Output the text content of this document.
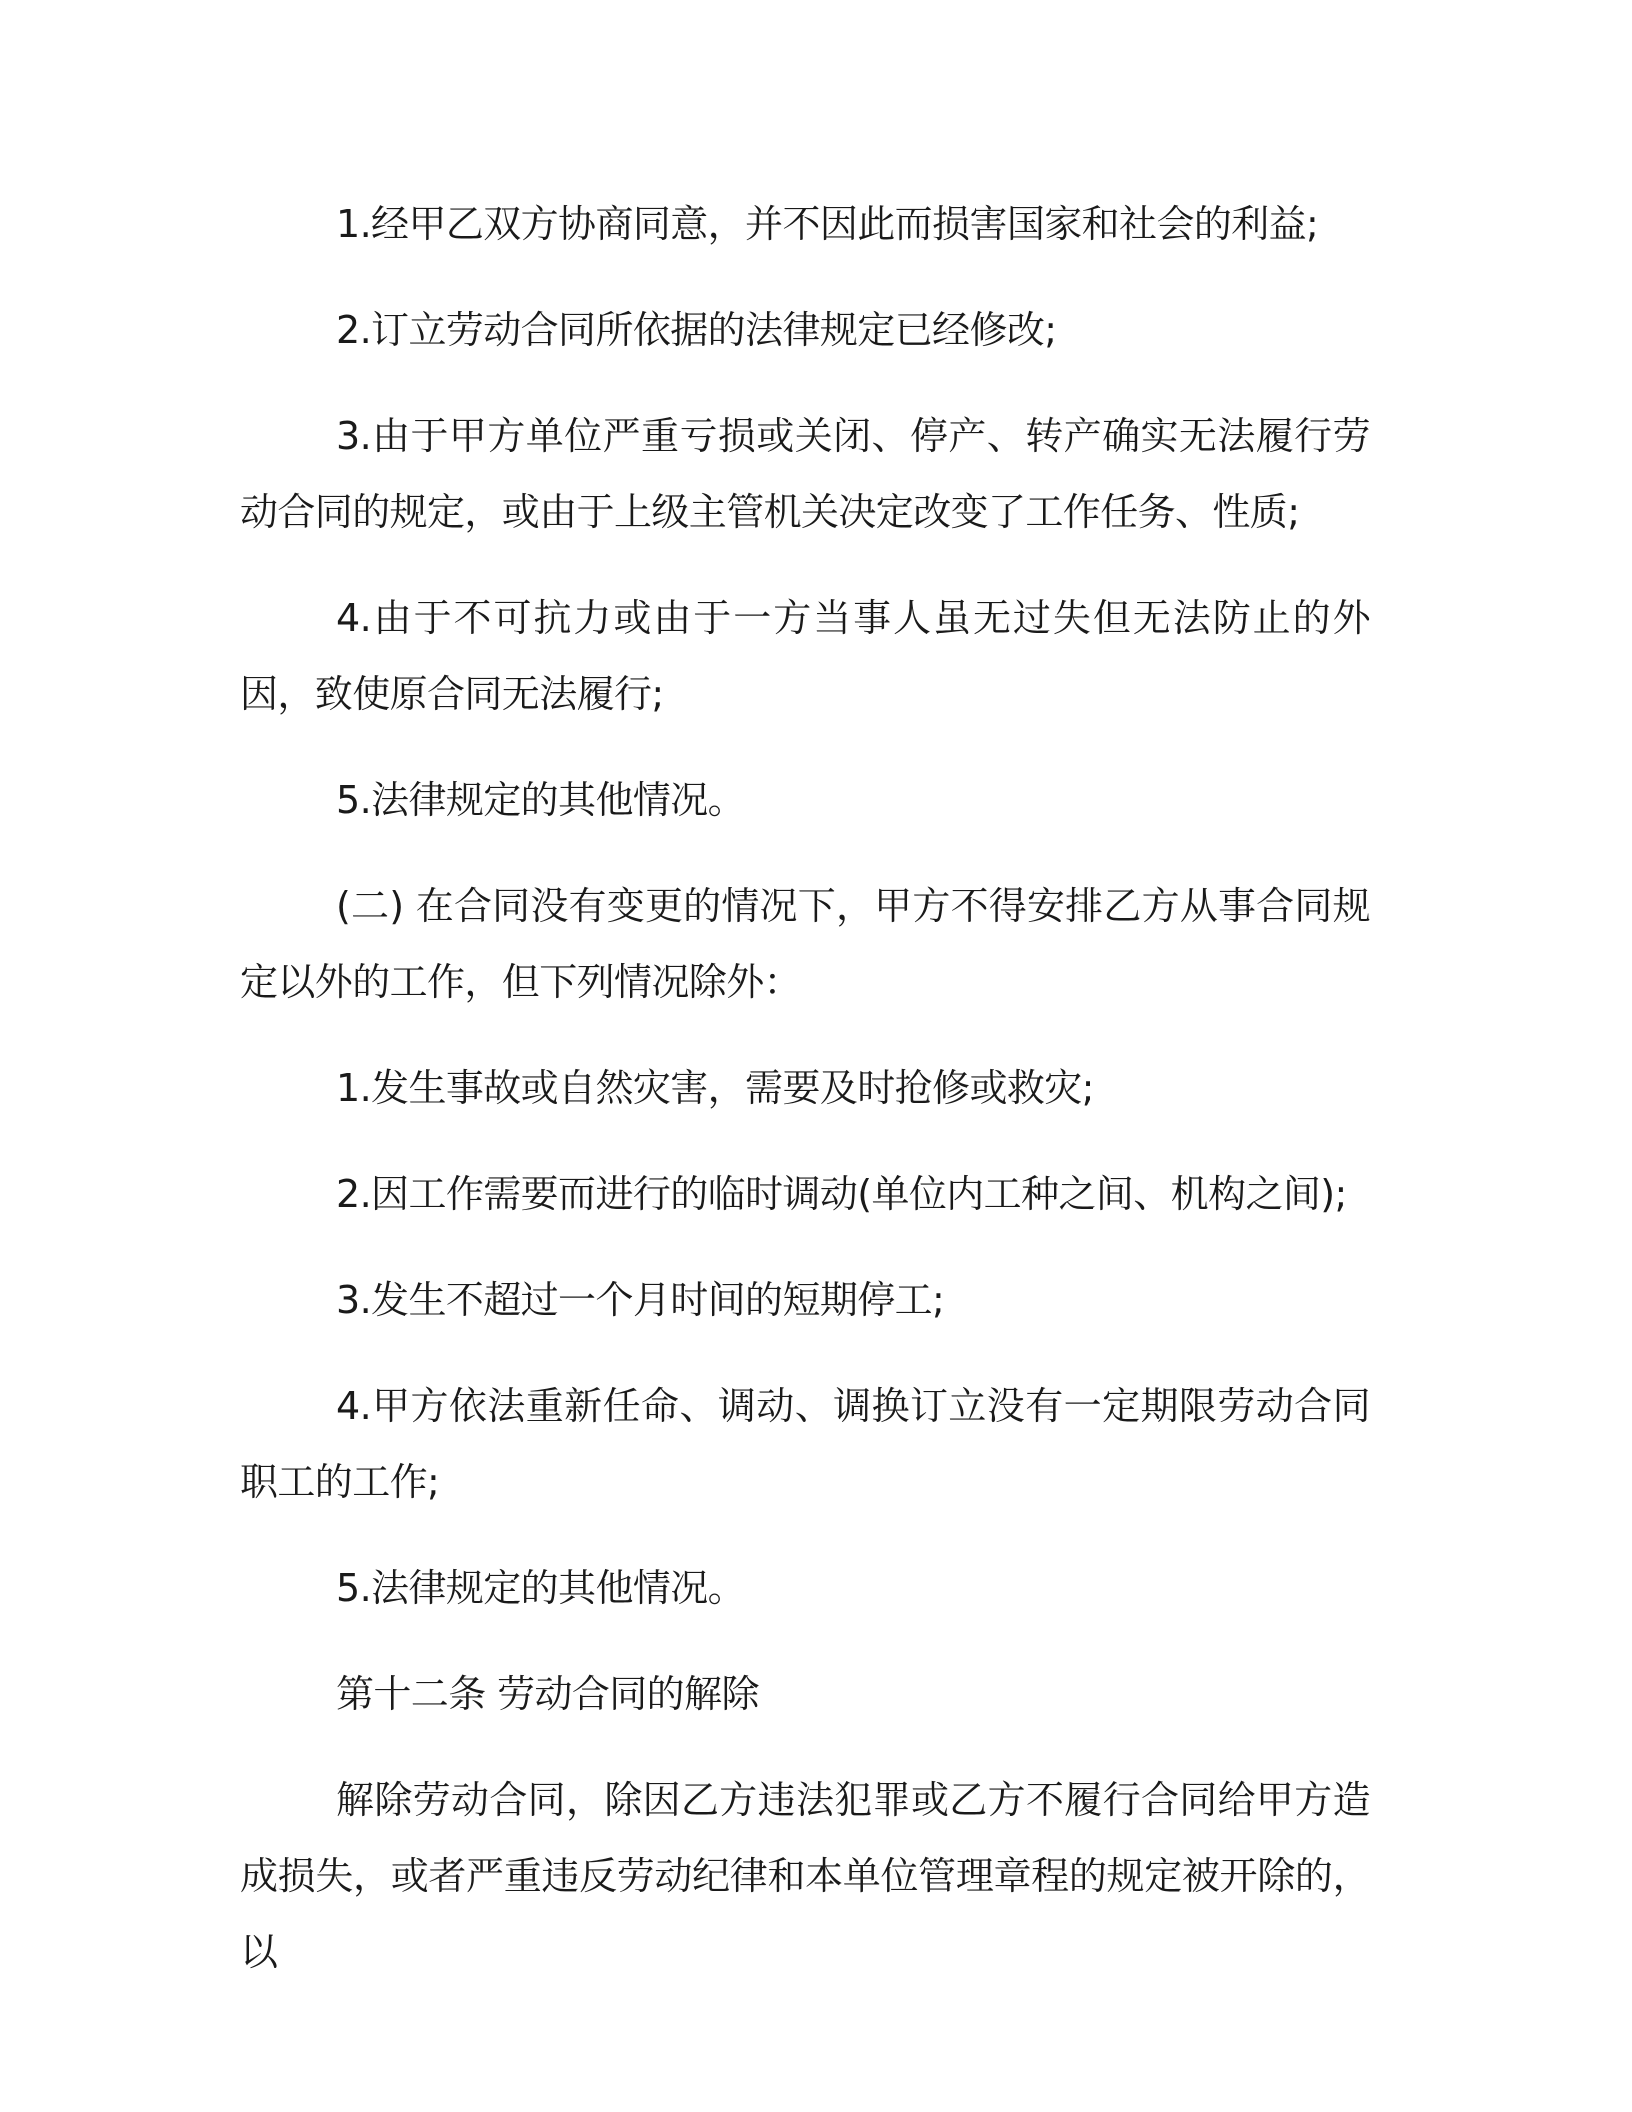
1.经甲乙双方协商同意，并不因此而损害国家和社会的利益;

2.订立劳动合同所依据的法律规定已经修改;

3.由于甲方单位严重亏损或关闭、停产、转产确实无法履行劳动合同的规定，或由于上级主管机关决定改变了工作任务、性质;

4.由于不可抗力或由于一方当事人虽无过失但无法防止的外因，致使原合同无法履行;

5.法律规定的其他情况。

(二) 在合同没有变更的情况下，甲方不得安排乙方从事合同规定以外的工作，但下列情况除外：

1.发生事故或自然灾害，需要及时抢修或救灾;

2.因工作需要而进行的临时调动(单位内工种之间、机构之间);

3.发生不超过一个月时间的短期停工;

4.甲方依法重新任命、调动、调换订立没有一定期限劳动合同职工的工作;

5.法律规定的其他情况。

第十二条 劳动合同的解除

解除劳动合同，除因乙方违法犯罪或乙方不履行合同给甲方造成损失，或者严重违反劳动纪律和本单位管理章程的规定被开除的，以
